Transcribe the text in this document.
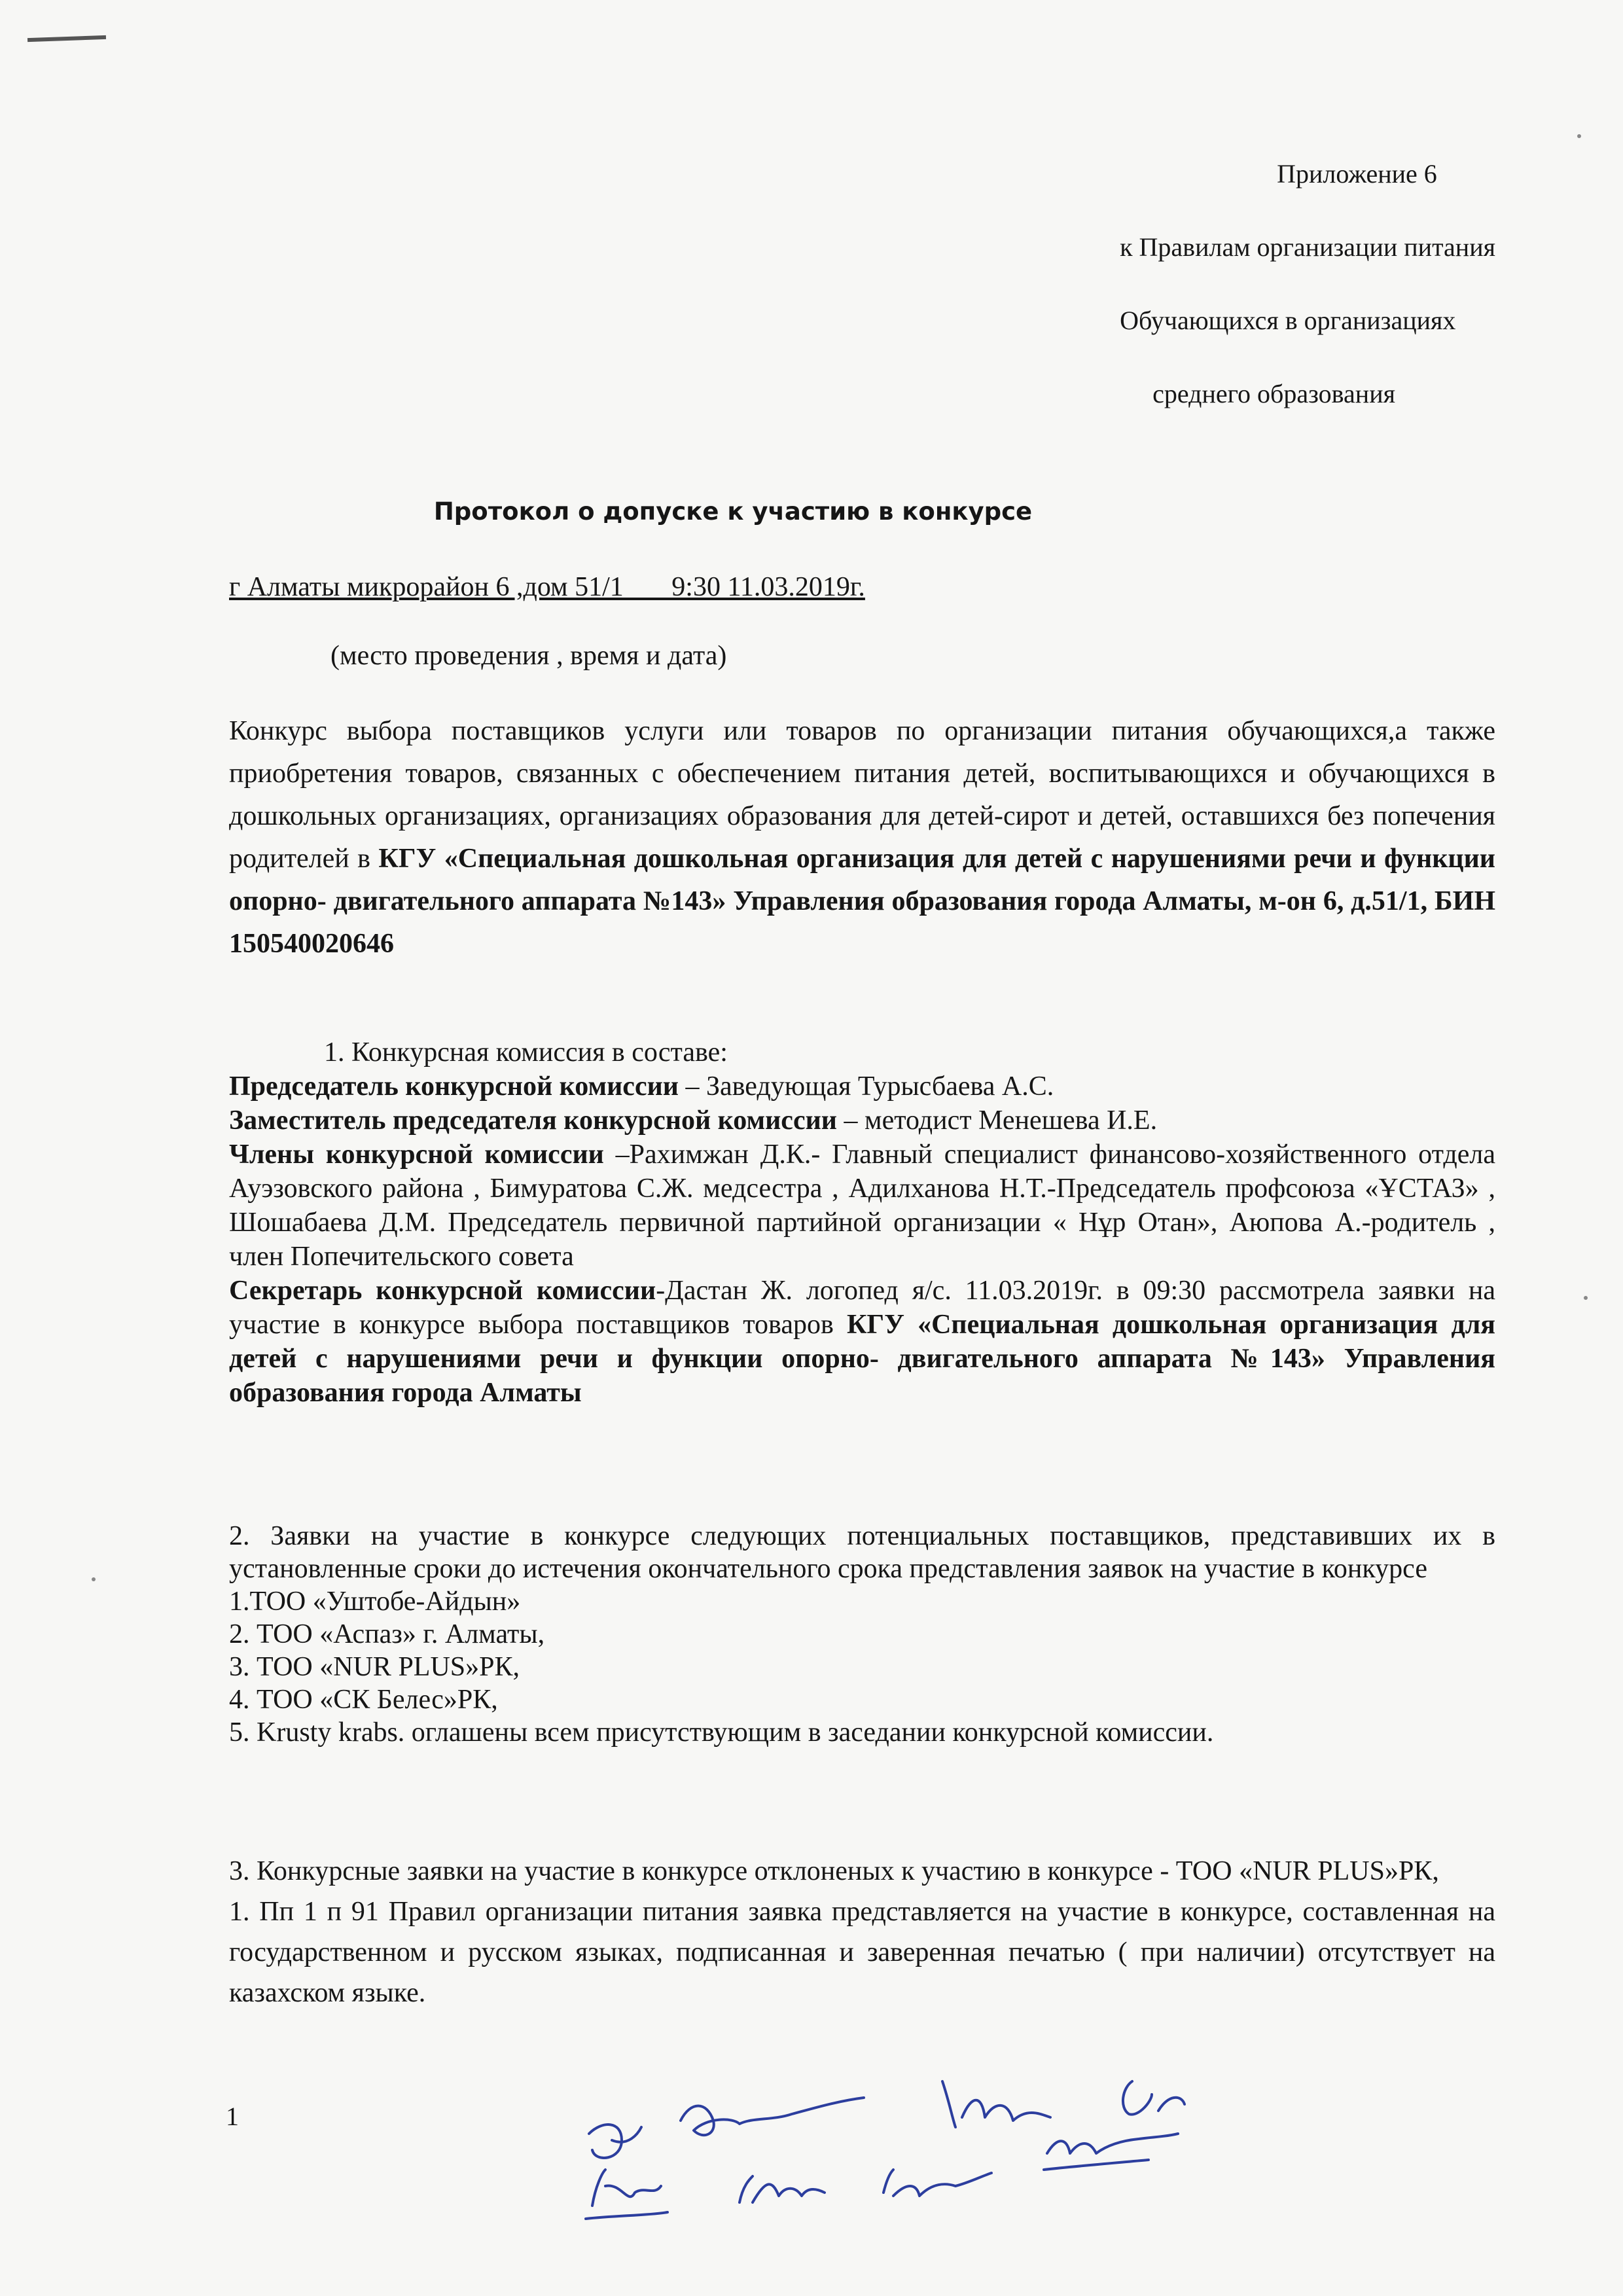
Приложение 6
к Правилам организации питания
Обучающихся в организациях
среднего образования
Протокол о допуске к участию в конкурсе
г Алматы микрорайон 6 ,дом 51/1       9:30 11.03.2019г.
(место проведения , время и дата)

Конкурс выбора поставщиков услуги или товаров по организации питания обучающихся,а также приобретения товаров, связанных с обеспечением питания детей, воспитывающихся и обучающихся в дошкольных организациях, организациях образования для детей-сирот и детей, оставшихся без попечения родителей в КГУ «Специальная дошкольная организация для детей с нарушениями речи и функции опорно- двигательного аппарата №143» Управления образования города Алматы, м-он 6, д.51/1, БИН 150540020646

1. Конкурсная комиссия в составе:

Председатель конкурсной комиссии – Заведующая Турысбаева А.С.

Заместитель председателя конкурсной комиссии – методист Менешева И.Е.

Члены конкурсной комиссии –Рахимжан Д.К.- Главный специалист финансово-хозяйственного отдела Ауэзовского района , Бимуратова С.Ж. медсестра , Адилханова Н.Т.-Председатель профсоюза «ҰСТАЗ» , Шошабаева Д.М. Председатель первичной партийной организации « Нұр Отан», Аюпова А.-родитель , член Попечительского совета

Секретарь конкурсной комиссии-Дастан Ж. логопед я/с. 11.03.2019г. в 09:30 рассмотрела заявки на участие в конкурсе выбора поставщиков товаров КГУ «Специальная дошкольная организация для детей с нарушениями речи и функции опорно- двигательного аппарата №143» Управления образования города Алматы

2. Заявки на участие в конкурсе следующих потенциальных поставщиков, представивших их в установленные сроки до истечения окончательного срока представления заявок на участие в конкурсе

1.ТОО «Уштобе-Айдын»

2. ТОО «Аспаз» г. Алматы,

3. ТОО «NUR PLUS»РК,

4. ТОО «СК Белес»РК,

5. Krusty krabs. оглашены всем присутствующим в заседании конкурсной комиссии.

3. Конкурсные заявки на участие в конкурсе отклоненых к участию в конкурсе - ТОО «NUR PLUS»РК,

1. Пп 1 п 91 Правил организации питания заявка представляется на участие в конкурсе, составленная на государственном и русском языках, подписанная и заверенная печатью ( при наличии) отсутствует на казахском языке.

1
